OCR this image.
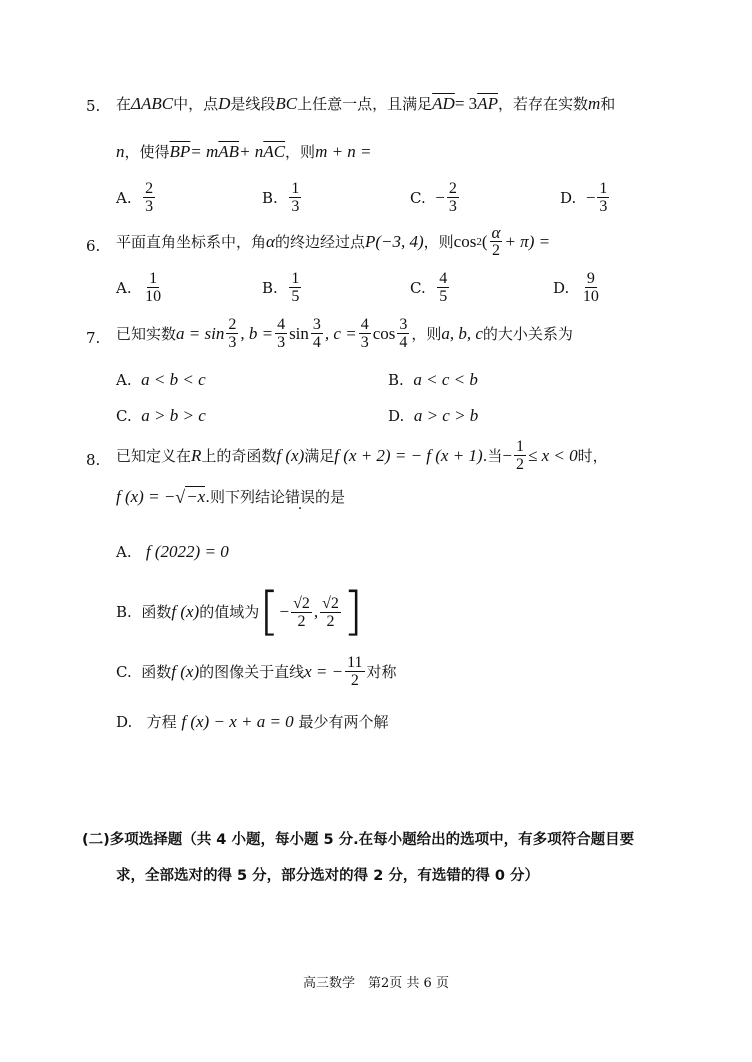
5. 在 ΔABC 中，点 D 是线段 BC 上任意一点，且满足 $\overline{AD} = 3$ $\overline{AP}$ ，若存在实数 m 和
n ，使得 $\overline{BP} = m$ $\overline{AB} + n$ $\overline{AC}$ ，则 m + n =
A.
$\frac{2}{3}$	B.
$\frac{1}{3}$	C.
− $\frac{2}{3}$	D.
− $\frac{1}{3}$
6. 平面直角坐标系中，角 α 的终边经过点 P(−3, 4) ，则 cos 2 ( $\frac{\alpha}{2} + \pi$) =
A.
$\frac{1}{10}$	B.
$\frac{1}{5}$	C.
$\frac{4}{5}$	D.
$\frac{9}{10}$
7. 已知实数 $a = \sin \frac{2}{3}$ , $b = \frac{4}{3}$ $\sin \frac{3}{4}$ , $c = \frac{4}{3}$ $\cos \frac{3}{4}$ ，则 a, b, c 的大小关系为
A. a < b < c	B. a < c < b
C. a > b > c	D. a > c > b
8. 已知定义在 R 上的奇函数 f (x) 满足 f (x + 2) = − f (x + 1) .当 − $\frac{1}{2} \le x < 0$ 时，
f (x) = − √ −x .则下列结论 错误 · 的是
A. f (2022) = 0
B.
函数 f (x) 的值域为 [ − $\frac{√2}{2}$ , $\frac{√2}{2}$ ]
C.
函数 f (x) 的图像关于直线 x = − $\frac{11}{2}$ 对称
D. 方程 f (x) − x + a = 0 最少有两个解
(二)多项选择题（共 4 小题，每小题 5 分.在每小题给出的选项中，有多项符合题目要
求，全部选对的得 5 分，部分选对的得 2 分，有选错的得 0 分）
高三数学　第2页 共 6 页
